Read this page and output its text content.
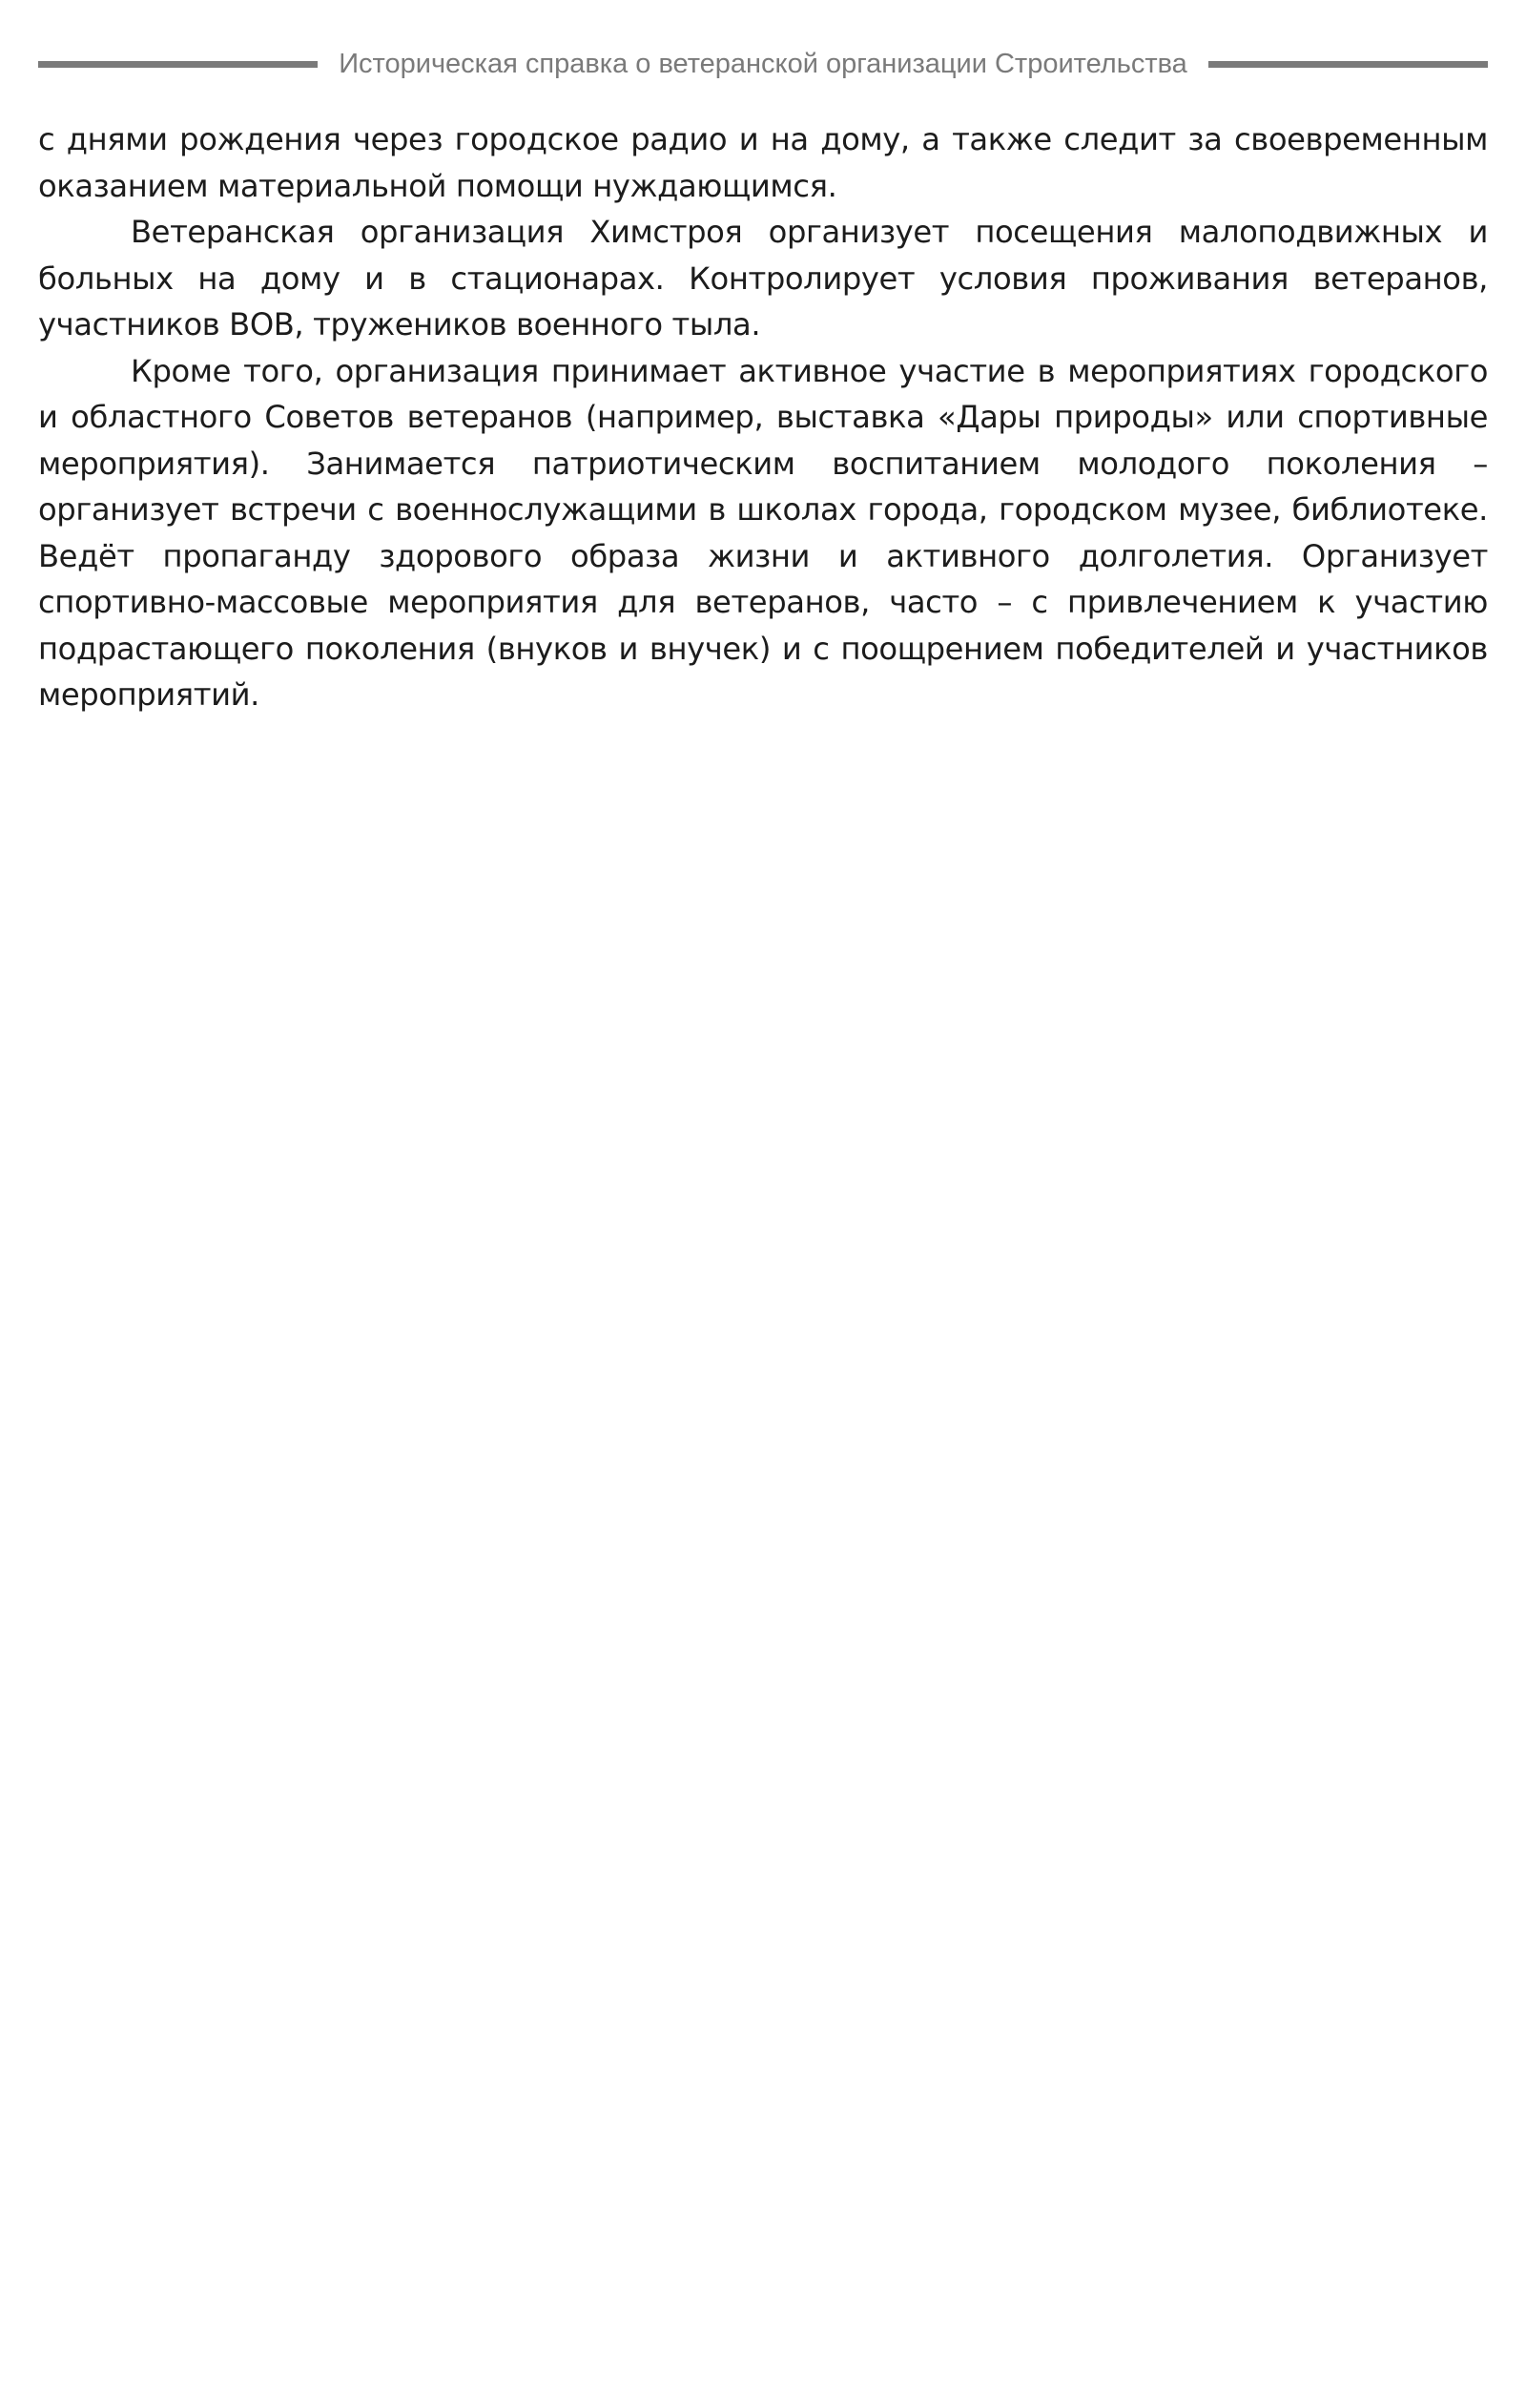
Историческая справка о ветеранской организации Строительства

с днями рождения через городское радио и на дому, а также следит за своевременным оказанием материальной помощи нуждающимся.

Ветеранская организация Химстроя организует посещения малоподвижных и больных на дому и в стационарах. Контролирует условия проживания ветеранов, участников ВОВ, тружеников военного тыла.

Кроме того, организация принимает активное участие в мероприятиях городского и областного Советов ветеранов (например, выставка «Дары природы» или спортивные мероприятия). Занимается патриотическим воспитанием молодого поколения – организует встречи с военнослужащими в школах города, городском музее, библиотеке. Ведёт пропаганду здорового образа жизни и активного долголетия. Организует спортивно-массовые мероприятия для ветеранов, часто – с привлечением к участию подрастающего поколения (внуков и внучек) и с поощрением победителей и участников мероприятий.
